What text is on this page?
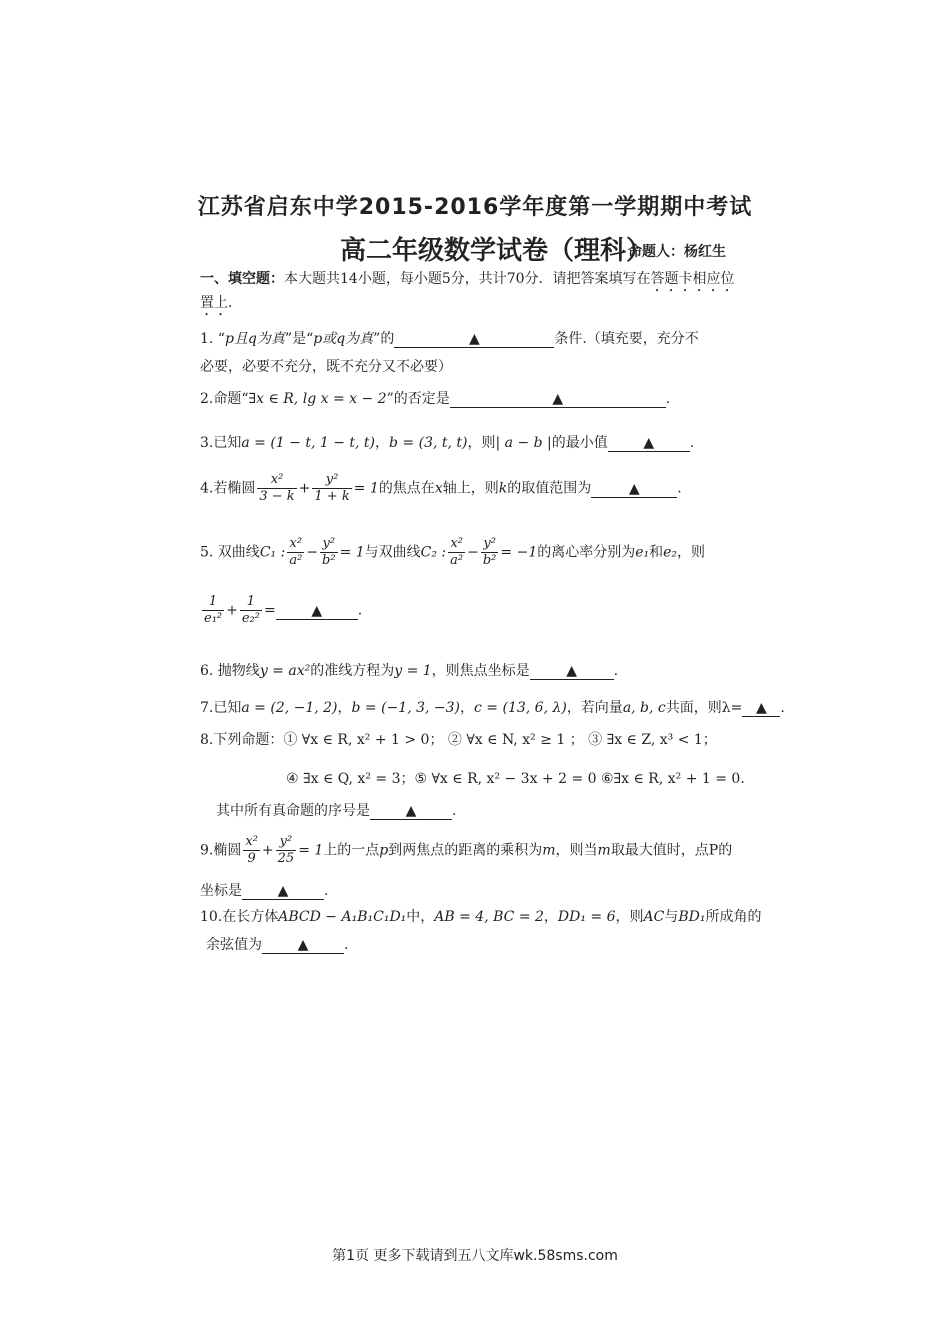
江苏省启东中学2015-2016学年度第一学期期中考试
高二年级数学试卷（理科）
命题人：杨红生
一、填空题：本大题共14小题，每小题5分，共计70分．请把答案填写在答题卡相应位
置上．
1. “p且q为真”是“p或q为真”的	▲	条件.（填充要，充分不
必要，必要不充分，既不充分又不必要）
2.命题“∃x ∈ R, lg x = x − 2”的否定是	▲	.
3.已知a = (1 − t, 1 − t, t)，b = (3, t, t)，则| a − b |的最小值	▲	.
4.若椭圆 $\frac{\text{x²}}{3 - k} + \frac{\text{y²}}{1 + k} = 1$的焦点在x轴上，则k的取值范围为	▲	.
5. 双曲线C₁ : $\frac{\text{x²}}{\text{a²}} - \frac{\text{y²}}{\text{b²}} = 1$与双曲线C₂ : $\frac{\text{x²}}{\text{a²}} - \frac{\text{y²}}{\text{b²}} = -1$的离心率分别为e₁和e₂，则
$\frac{1}{\text{e₁²}} + \frac{1}{\text{e₂²}}$ =	▲	.
6. 抛物线y = ax²的准线方程为y = 1，则焦点坐标是	▲	.
7.已知a = (2, −1, 2)，b = (−1, 3, −3)，c = (13, 6, λ)，若向量a, b, c共面，则λ= ▲ .
8.下列命题：① ∀x ∈ R, x² + 1 > 0； ② ∀x ∈ N, x² ≥ 1 ； ③ ∃x ∈ Z, x³ < 1；
④ ∃x ∈ Q, x² = 3；⑤ ∀x ∈ R, x² − 3x + 2 = 0 ⑥∃x ∈ R, x² + 1 = 0.
其中所有真命题的序号是	▲	.
9.椭圆 $\frac{\text{x²}}{9} + \frac{\text{y²}}{25} = 1$上的一点p到两焦点的距离的乘积为m，则当m取最大值时，点P的
坐标是	▲	.
10.在长方体ABCD − A₁B₁C₁D₁中，AB = 4, BC = 2，DD₁ = 6，则AC与BD₁所成角的
余弦值为	▲	.
第1页 更多下载请到五八文库wk.58sms.com
